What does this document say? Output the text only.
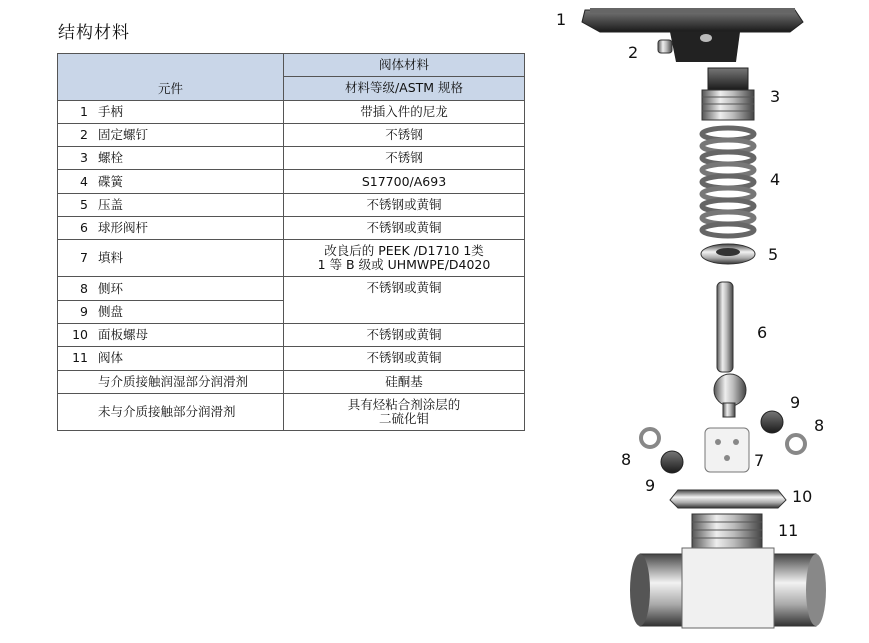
结构材料
元件	阀体材料
	材料等级/ASTM 规格
1 手柄	带插入件的尼龙
2 固定螺钉	不锈钢
3 螺栓	不锈钢
4 碟簧	S17700/A693
5 压盖	不锈钢或黄铜
6 球形阀杆	不锈钢或黄铜
7 填料	改良后的 PEEK /D1710 1类
1 等 B 级或 UHMWPE/D4020

8 侧环	不锈钢或黄铜
9 侧盘	
10 面板螺母	不锈钢或黄铜
11 阀体	不锈钢或黄铜
与介质接触润湿部分润滑剂	硅酮基
未与介质接触部分润滑剂	具有烃粘合剂涂层的
二硫化钼
1
2
3
4
5
6
9
8
8	7
9
10
11
